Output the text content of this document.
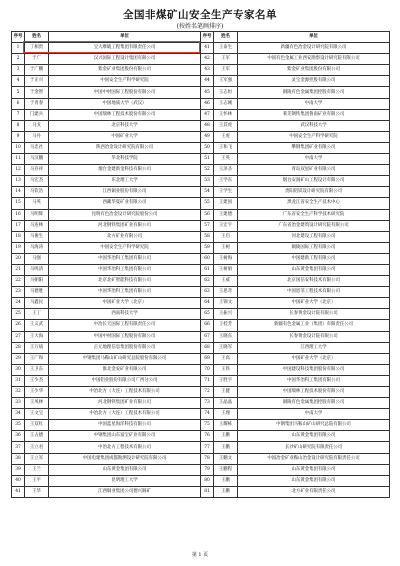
全国非煤矿山安全生产专家名单
(按姓名笔画排序)
序号	姓名	单位	序号	姓名	单位
1	丁相贵	宝大摩破工程集团有限责任公司	41	王泰生	新疆有色冶金设计研究院有限公司
2	于广	汉兴国际工程设计集团有限公司	42	王军	中国有色金属工业西安勘察设计研究院有限公司
3	于广鹏	紫金矿业集团股份有限公司	43	王军	紫金矿业集团股份有限公司
4	于正兴	中国安全生产科学研究院	44	王军强	灵宝金源控股有限公司
5	于金智	中国中材国际工程股份有限公司	45	王志恒	铜陵有色金属集团控股有限公司
6	于青春	中国地质大学（武汉）	46	王志刚	中南大学
7	门建兵	中国瑞林工程技术股份有限公司	47	王怀林	莱芜钢铁集团鲁南矿业有限公司
8	马戈	北京科技大学	48	王其虎	武汉科技大学
9	马丹	中国矿业大学	49	王虎	中国安全生产科学研究院
10	马忠社	陕西冶金设计研究院有限公司	50	王和飞	攀钢集团矿业有限公司
11	马汉鹏	华北科技学院	51	王英	中南大学
12	马存祥	烟台金建新金科技有限公司	52	王泽圣	青岛双星矿业有限公司
13	马宏杰	东北理工大学	53	王学东	烟台安润矿山工程设计有限公司
14	马钦浩	江西铜业股份有限公司	54	王学生	贵阳铝镁设计研究院有限公司
15	马英	西藏华夏矿业有限公司	55	王建国	黑龙江省安全生产技术中心
16	马明辉	昆明有色冶金设计研究院股份公司	56	王建德	广东省安全生产科学技术研究院
17	马连林	河北钢铁集团矿业有限公司	57	王宏宇	广东省冶金建筑设计研究院有限公司
18	马俊生	北方矿业有限公司	58	王启	河北建设工程有限公司
19	马海涛	中国安全生产科学研究院	59	王树	铜陵国际工程有限公司
20	马强	中国华冶科工集团有限公司	60	王树海	中国建新工程有限公司
21	马鸣清	中国华冶科工集团有限公司	61	王树娟	山东黄金集团有限公司
22	马朝阳	北京北矿智能科技有限公司	62	王威	北京国信安科技术有限公司
23	马德胜	中国华冶科工集团有限公司	63	王思奇	中国恩菲工程技术有限公司
24	马鑫民	中国矿业大学（北京）	64	王锦文	中国矿业大学（北京）
25	王丁	西南科技大学	65	王振兴	长春黄金设计院有限公司
26	王义武	中冶长天国际工程有限责任公司	66	王桂芳	新疆有色金属工业（集团）有限责任公司
27	王大海	中国中材国际工程股份有限公司	67	王晓东	长春黄金设计院有限公司
28	王万斌	正元地理信息集团股份有限公司	68	王晓军	江西理工大学
29	王广和	中钢集团马鞍山矿山研究总院股份有限公司	69	王高	中国矿业大学（北京）
30	王卫东	淮北金安矿业有限公司	70	王铁	中国建设科技集团股份有限公司
31	王少杰	中国铝业股份有限公司广西分公司	71	王胜宇	中国华冶科工集团有限公司
32	王少华	中冶北方（大连）工程技术有限公司	72	王健	中国瑞林工程技术股份有限公司
33	王凤林	河北钢铁集团矿业有限公司	73	王晶晶	铜陵有色金属集团控股有限公司
34	王文宝	中冶北方（大连）工程技术有限公司	74	王理	中南大学
35	王双红	中国蓝星海洋科技有限公司	75	王耀栋	中钢集团马鞍山矿山研究总院有限公司
36	王占德	中钢集团山东富宝矿业有限公司	76	王鹏	山东黄金集团有限公司
37	王立君	中冶北方工程技术有限公司	77	王鹏	长沙矿山研究院有限责任公司
38	王立军	中国电建集团成都勘测设计研究院有限公司	78	王鹏文	中国冶金矿业鞍山冶金设计研究院有限责任公司
39	王兰	山东黄金集团有限公司	79	王鹏程	山东黄金集团有限公司
40	王平	昆明理工大学	80	王鹏	山东黄金集团有限公司
41	王华	江西铜业集团公司德兴铜矿	81	王鹏	北方矿业有限责任公司
第 1 页
